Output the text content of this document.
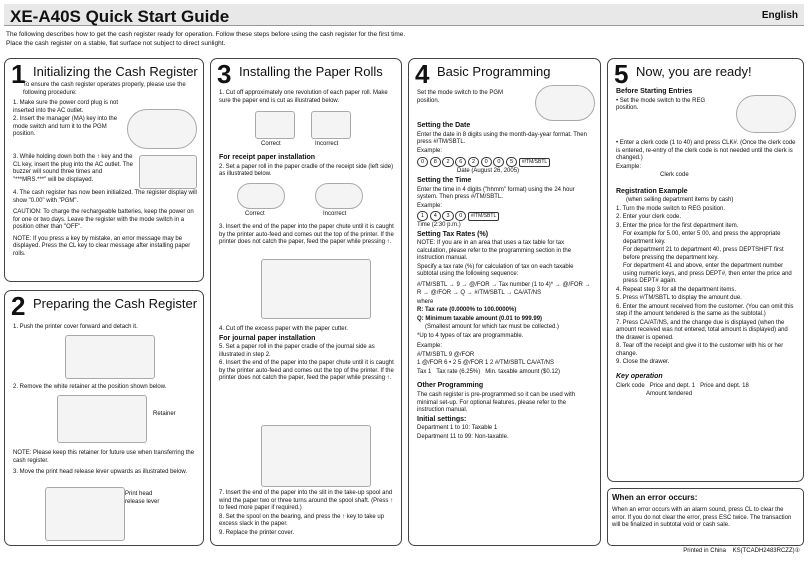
XE-A40S Quick Start Guide	English
The following describes how to get the cash register ready for operation. Follow these steps before using the cash register for the first time.
Place the cash register on a stable, flat surface not subject to direct sunlight.
1 Initializing the Cash Register

To ensure the cash register operates properly, please use the following procedure:

1. Make sure the power cord plug is not inserted into the AC outlet.

2. Insert the manager (MA) key into the mode switch and turn it to the PGM position.

3. While holding down both the ↑ key and the CL key, insert the plug into the AC outlet. The buzzer will sound three times and "***MRS.***" will be displayed.

4. The cash register has now been initialized. The register display will show "0.00" with "PGM".

CAUTION: To charge the rechargeable batteries, keep the power on for one or two days. Leave the register with the mode switch in a position other than "OFF".

NOTE: If you press a key by mistake, an error message may be displayed. Press the CL key to clear message after installing paper rolls.

2 Preparing the Cash Register

1. Push the printer cover forward and detach it.

2. Remove the white retainer at the position shown below.

Retainer

NOTE: Please keep this retainer for future use when transferring the cash register.

3. Move the print head release lever upwards as illustrated below.

Print head release lever
3 Installing the Paper Rolls

1. Cut off approximately one revolution of each paper roll. Make sure the paper end is cut as illustrated below.

Correct	Incorrect

For receipt paper installation

2. Set a paper roll in the paper cradle of the receipt side (left side) as illustrated below.

Correct	Incorrect

3. Insert the end of the paper into the paper chute until it is caught by the printer auto-feed and comes out the top of the printer. If the printer does not catch the paper, feed the paper while pressing ↑.

4. Cut off the excess paper with the paper cutter.

For journal paper installation

5. Set a paper roll in the paper cradle of the journal side as illustrated in step 2.

6. Insert the end of the paper into the paper chute until it is caught by the printer auto-feed and comes out the top of the printer. If the printer does not catch the paper, feed the paper while pressing ↑.

7. Insert the end of the paper into the slit in the take-up spool and wind the paper two or three turns around the spool shaft. (Press ↑ to feed more paper if required.)

8. Set the spool on the bearing, and press the ↑ key to take up excess slack in the paper.

9. Replace the printer cover.

4 Basic Programming

Set the mode switch to the PGM position.

Setting the Date

Enter the date in 8 digits using the month-day-year format. Then press #/TM/SBTL.

Example:

0 8 2 6 2 0 0 5 #/TM/SBTL

Date (August 26, 2005)

Setting the Time

Enter the time in 4 digits ("hhmm" format) using the 24 hour system. Then press #/TM/SBTL.

Example:

1 4 3 0 #/TM/SBTL

Time (2:30 p.m.)

Setting Tax Rates (%)

NOTE: If you are in an area that uses a tax table for tax calculation, please refer to the programming section in the instruction manual.

Specify a tax rate (%) for calculation of tax on each taxable subtotal using the following sequence:

#/TM/SBTL → 9 → @/FOR → Tax number (1 to 4)* → @/FOR →

R → @/FOR → Q → #/TM/SBTL → CA/AT/NS

where

R: Tax rate (0.0000% to 100.0000%)

Q: Minimum taxable amount (0.01 to 999.99)

(Smallest amount for which tax must be collected.)

*Up to 4 types of tax are programmable.

Example:

#/TM/SBTL 9 @/FOR

1 @/FOR 6 • 2 5 @/FOR 1 2 #/TM/SBTL CA/AT/NS

Tax 1 Tax rate (6.25%) Min. taxable amount ($0.12)

Other Programming

The cash register is pre-programmed so it can be used with minimal set-up. For optional features, please refer to the instruction manual.

Initial settings:

Department 1 to 10: Taxable 1

Department 11 to 99: Non-taxable.

5 Now, you are ready!

Before Starting Entries

• Set the mode switch to the REG position.

• Enter a clerk code (1 to 40) and press CLK#. (Once the clerk code is entered, re-entry of the clerk code is not needed until the clerk is changed.)

Example:

Clerk code

Registration Example

(when selling department items by cash)

1. Turn the mode switch to REG position.

2. Enter your clerk code.

3. Enter the price for the first department item.

For example for 5.00, enter 5 00, and press the appropriate department key.

For department 21 to department 40, press DEPTSHIFT first before pressing the department key.

For department 41 and above, enter the department number using numeric keys, and press DEPT#, then enter the price and press DEPT# again.

4. Repeat step 3 for all the department items.

5. Press #/TM/SBTL to display the amount due.

6. Enter the amount received from the customer. (You can omit this step if the amount tendered is the same as the subtotal.)

7. Press CA/AT/NS, and the change due is displayed (when the amount received was not entered, total amount is displayed) and the drawer is opened.

8. Tear off the receipt and give it to the customer with his or her change.

9. Close the drawer.

Key operation

Clerk code Price and dept. 1 Price and dept. 18

Amount tendered

When an error occurs:
When an error occurs with an alarm sound, press CL to clear the error. If you do not clear the error, press ESC twice. The transaction will be finalized in subtotal void or cash sale.
Printed in China KS(TCADH2483RCZZ)①
